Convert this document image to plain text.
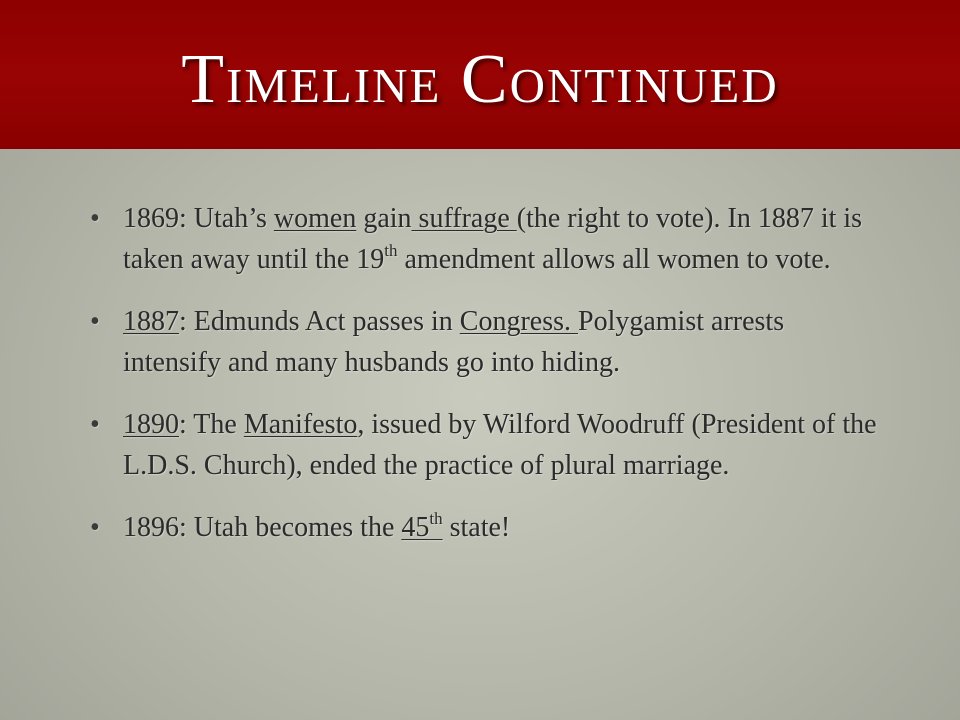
Timeline Continued
• 1869: Utah’s women gain suffrage (the right to vote). In 1887 it is taken away until the 19th amendment allows all women to vote.
• 1887: Edmunds Act passes in Congress. Polygamist arrests intensify and many husbands go into hiding.
• 1890: The Manifesto, issued by Wilford Woodruff (President of the L.D.S. Church), ended the practice of plural marriage.
• 1896: Utah becomes the 45th state!
